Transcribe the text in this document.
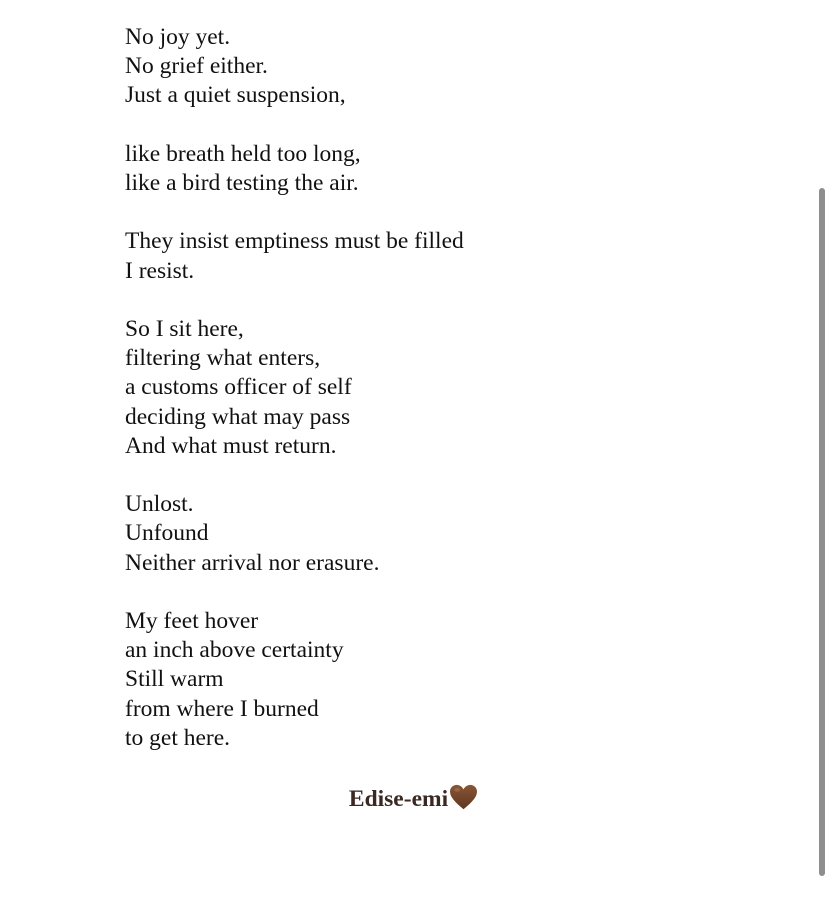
No joy yet.
No grief either.
Just a quiet suspension,
like breath held too long,
like a bird testing the air.
They insist emptiness must be filled
I resist.
So I sit here,
filtering what enters,
a customs officer of self
deciding what may pass
And what must return.
Unlost.
Unfound
Neither arrival nor erasure.
My feet hover
an inch above certainty
Still warm
from where I burned
to get here.
Edise-emi
